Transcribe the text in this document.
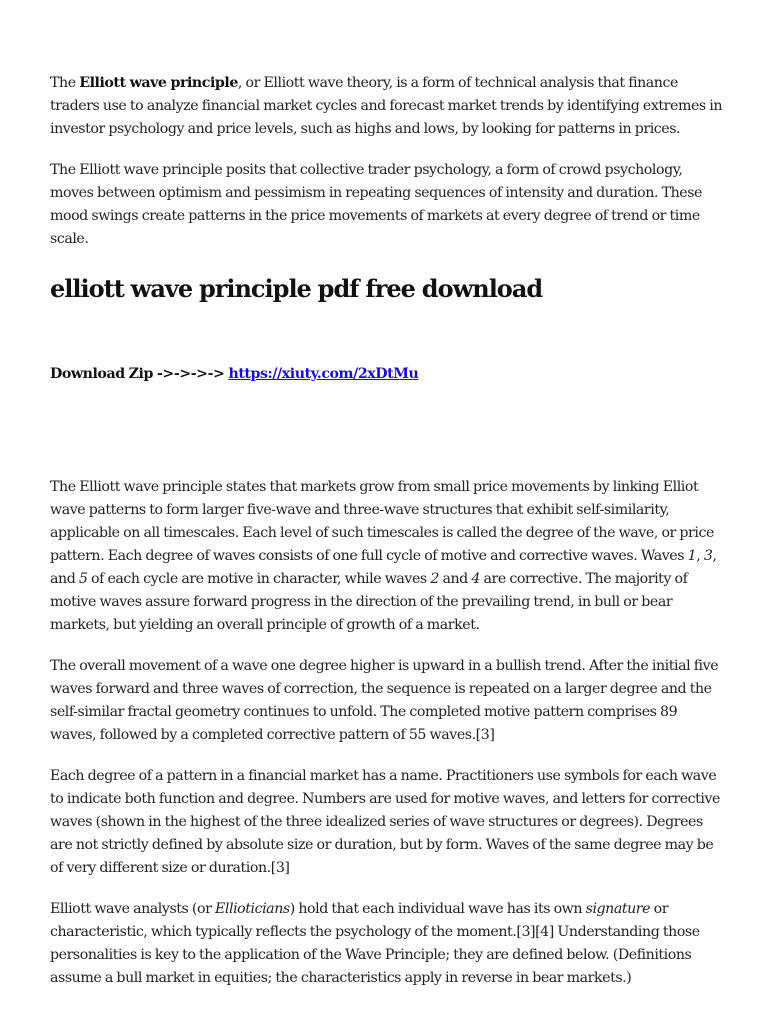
The Elliott wave principle, or Elliott wave theory, is a form of technical analysis that finance traders use to analyze financial market cycles and forecast market trends by identifying extremes in investor psychology and price levels, such as highs and lows, by looking for patterns in prices.

The Elliott wave principle posits that collective trader psychology, a form of crowd psychology, moves between optimism and pessimism in repeating sequences of intensity and duration. These mood swings create patterns in the price movements of markets at every degree of trend or time scale.

elliott wave principle pdf free download

Download Zip ->->->-> https://xiuty.com/2xDtMu

The Elliott wave principle states that markets grow from small price movements by linking Elliot wave patterns to form larger five-wave and three-wave structures that exhibit self-similarity, applicable on all timescales. Each level of such timescales is called the degree of the wave, or price pattern. Each degree of waves consists of one full cycle of motive and corrective waves. Waves 1, 3, and 5 of each cycle are motive in character, while waves 2 and 4 are corrective. The majority of motive waves assure forward progress in the direction of the prevailing trend, in bull or bear markets, but yielding an overall principle of growth of a market.

The overall movement of a wave one degree higher is upward in a bullish trend. After the initial five waves forward and three waves of correction, the sequence is repeated on a larger degree and the self-similar fractal geometry continues to unfold. The completed motive pattern comprises 89 waves, followed by a completed corrective pattern of 55 waves.[3]

Each degree of a pattern in a financial market has a name. Practitioners use symbols for each wave to indicate both function and degree. Numbers are used for motive waves, and letters for corrective waves (shown in the highest of the three idealized series of wave structures or degrees). Degrees are not strictly defined by absolute size or duration, but by form. Waves of the same degree may be of very different size or duration.[3]

Elliott wave analysts (or Ellioticians) hold that each individual wave has its own signature or characteristic, which typically reflects the psychology of the moment.[3][4] Understanding those personalities is key to the application of the Wave Principle; they are defined below. (Definitions assume a bull market in equities; the characteristics apply in reverse in bear markets.)
